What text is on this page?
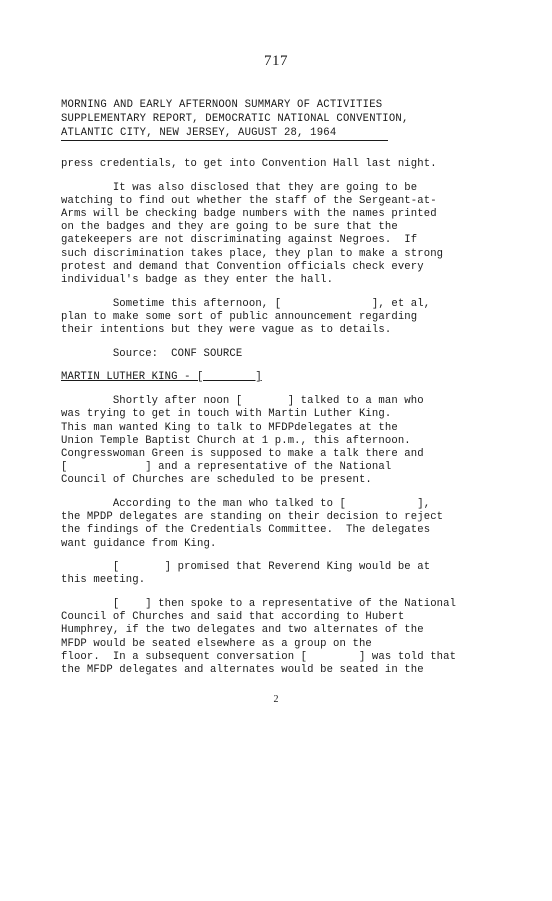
717
MORNING AND EARLY AFTERNOON SUMMARY OF ACTIVITIES
SUPPLEMENTARY REPORT, DEMOCRATIC NATIONAL CONVENTION,
ATLANTIC CITY, NEW JERSEY, AUGUST 28, 1964
press credentials, to get into Convention Hall last night.
It was also disclosed that they are going to be
watching to find out whether the staff of the Sergeant-at-
Arms will be checking badge numbers with the names printed
on the badges and they are going to be sure that the
gatekeepers are not discriminating against Negroes.  If
such discrimination takes place, they plan to make a strong
protest and demand that Convention officials check every
individual's badge as they enter the hall.
Sometime this afternoon, [              ], et al,
plan to make some sort of public announcement regarding
their intentions but they were vague as to details.
Source:  CONF SOURCE
MARTIN LUTHER KING - [        ]
Shortly after noon [       ] talked to a man who
was trying to get in touch with Martin Luther King.
This man wanted King to talk to MFDPdelegates at the
Union Temple Baptist Church at 1 p.m., this afternoon.
Congresswoman Green is supposed to make a talk there and
[            ] and a representative of the National
Council of Churches are scheduled to be present.
According to the man who talked to [           ],
the MPDP delegates are standing on their decision to reject
the findings of the Credentials Committee.  The delegates
want guidance from King.
[       ] promised that Reverend King would be at
this meeting.
[    ] then spoke to a representative of the National
Council of Churches and said that according to Hubert
Humphrey, if the two delegates and two alternates of the
MFDP would be seated elsewhere as a group on the
floor.  In a subsequent conversation [        ] was told that
the MFDP delegates and alternates would be seated in the
2
